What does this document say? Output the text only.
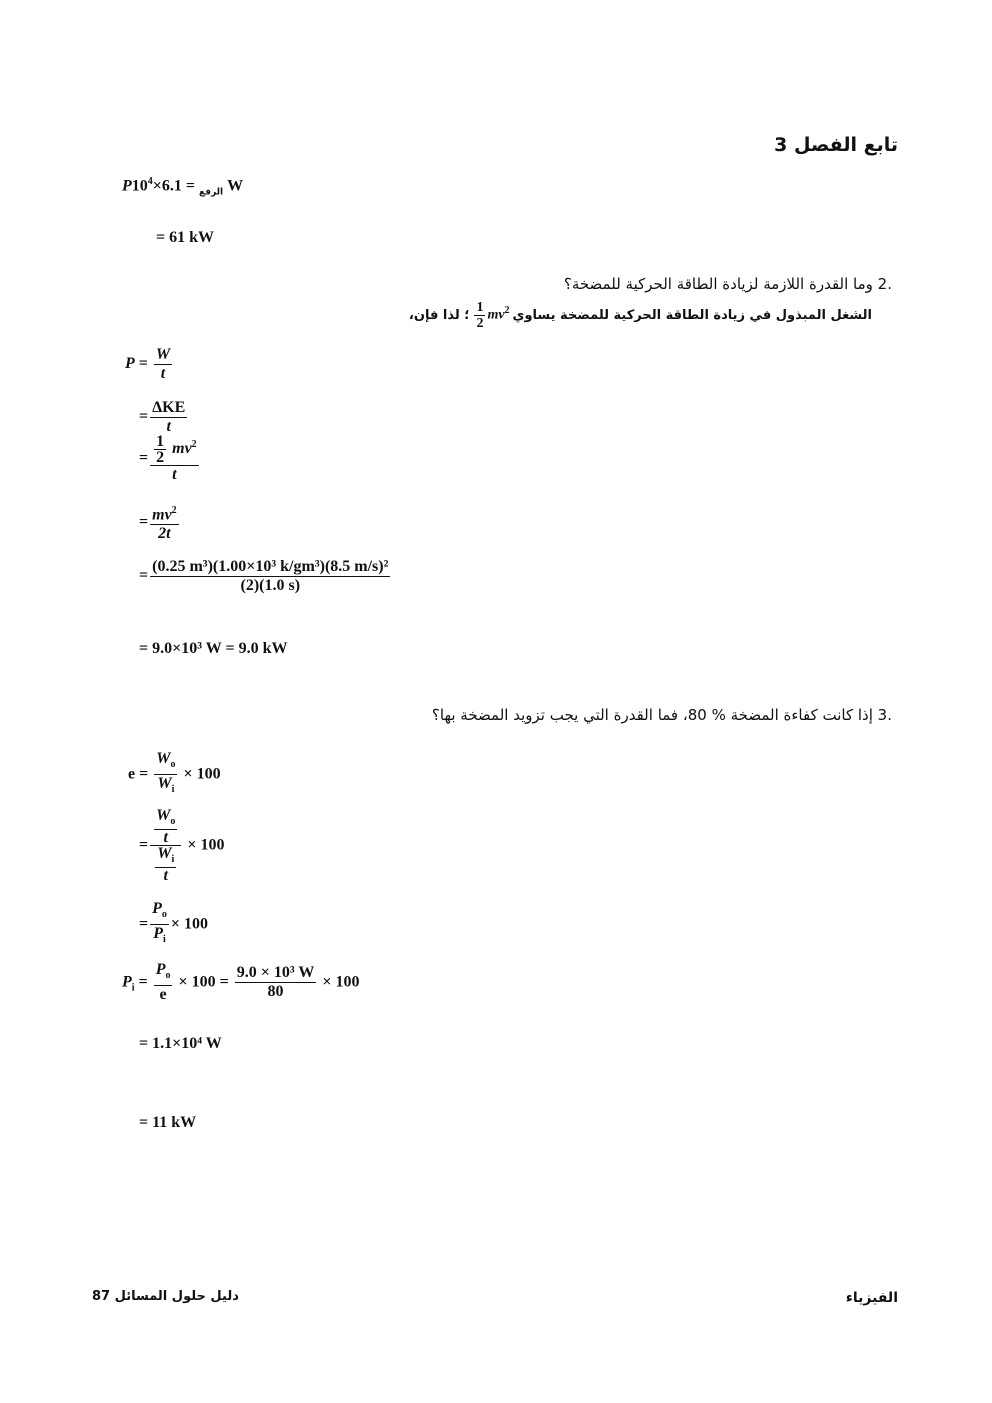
تابع الفصل 3
P	$_{الرفع} = 6.1\times 10^4$	W
= 61 kW
.2 وما القدرة اللازمة لزيادة الطاقة الحركية للمضخة؟
الشغل المبذول في زيادة الطاقة الحركية للمضخة يساوي
$\frac{1}{2} mv^2$
؛ لذا فإن،
$P = \frac{W}{t}$
= $\frac{\text{ΔKE}}{t}$
= $\frac{\frac{1}{2} mv^2}{t}$
= $\frac{mv^2}{2t}$
= $\frac{\text{(0.25 m³)(1.00×10³ k/gm³)(8.5 m/s)²}}{(2)(1.0 s)}$
= 9.0×10³ W = 9.0 kW
.3 إذا كانت كفاءة المضخة % 80، فما القدرة التي يجب تزويد المضخة بها؟
$e = \frac{W_o}{W_i} \times 100$
= $\frac{\frac{W_o}{t}}{\frac{W_i}{t}} \times 100$
= $\frac{P_o}{P_i} \times 100$
$P_i = \frac{P_o}{e} \times 100 = \frac{\text{9.0 × 10³ W}}{80} \times 100$
= 1.1×10⁴ W
= 11 kW
دليل حلول المسائل 87	الفيزياء
